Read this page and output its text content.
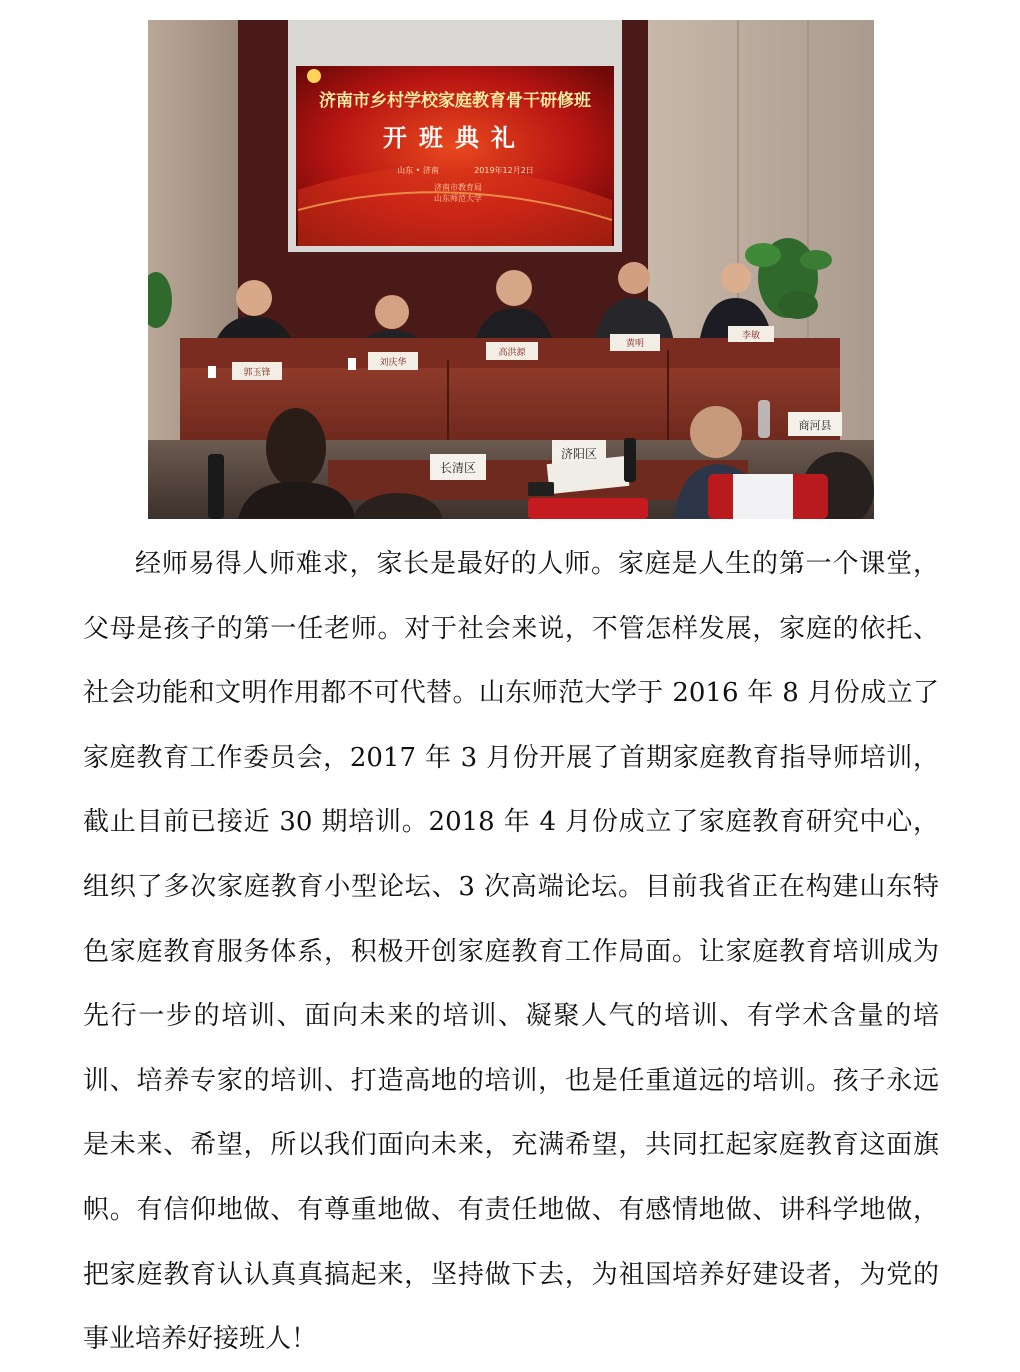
济南市乡村学校家庭教育骨干研修班
开班典礼
山东 • 济南	2019年12月2日
济南市教育局
山东师范大学
郭玉锋
刘庆华
高洪源
黄明
李敏
长清区
济阳区
商河县

经师易得人师难求，家长是最好的人师。家庭是人生的第一个课堂，父母是孩子的第一任老师。对于社会来说，不管怎样发展，家庭的依托、社会功能和文明作用都不可代替。山东师范大学于 2016 年 8 月份成立了家庭教育工作委员会，2017 年 3 月份开展了首期家庭教育指导师培训，截止目前已接近 30 期培训。2018 年 4 月份成立了家庭教育研究中心，组织了多次家庭教育小型论坛、3 次高端论坛。目前我省正在构建山东特色家庭教育服务体系，积极开创家庭教育工作局面。让家庭教育培训成为先行一步的培训、面向未来的培训、凝聚人气的培训、有学术含量的培训、培养专家的培训、打造高地的培训，也是任重道远的培训。孩子永远是未来、希望，所以我们面向未来，充满希望，共同扛起家庭教育这面旗帜。有信仰地做、有尊重地做、有责任地做、有感情地做、讲科学地做，把家庭教育认认真真搞起来，坚持做下去，为祖国培养好建设者，为党的事业培养好接班人！
